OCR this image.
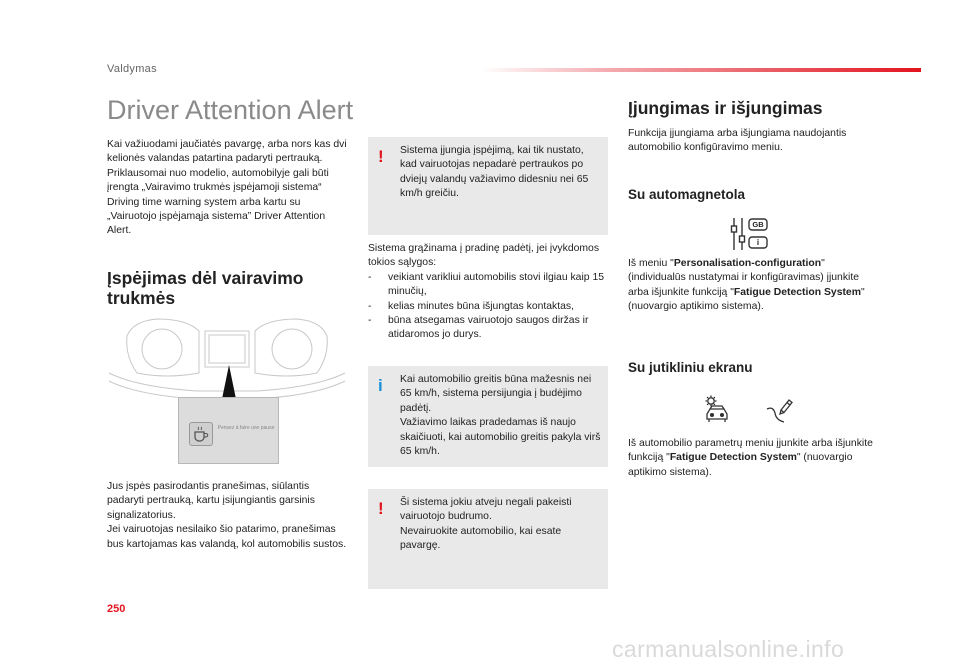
Valdymas
Driver Attention Alert

Kai važiuodami jaučiatės pavargę, arba nors kas dvi kelionės valandas patartina padaryti pertrauką.

Priklausomai nuo modelio, automobilyje gali būti įrengta „Vairavimo trukmės įspėjamoji sistema“ Driving time warning system arba kartu su „Vairuotojo įspėjamąja sistema” Driver Attention Alert.

Įspėjimas dėl vairavimo trukmės
Pensez à faire une pause

Jus įspės pasirodantis pranešimas, siūlantis padaryti pertrauką, kartu įsijungiantis garsinis signalizatorius.

Jei vairuotojas nesilaiko šio patarimo, pranešimas bus kartojamas kas valandą, kol automobilis sustos.

! Sistema įjungia įspėjimą, kai tik nustato, kad vairuotojas nepadarė pertraukos po dviejų valandų važiavimo didesniu nei 65 km/h greičiu.

Sistema grąžinama į pradinę padėtį, jei įvykdomos tokios sąlygos:

- veikiant varikliui automobilis stovi ilgiau kaip 15 minučių,
- kelias minutes būna išjungtas kontaktas,
- būna atsegamas vairuotojo saugos diržas ir atidaromos jo durys.
i Kai automobilio greitis būna mažesnis nei 65 km/h, sistema persijungia į budėjimo padėtį.

Važiavimo laikas pradedamas iš naujo skaičiuoti, kai automobilio greitis pakyla virš 65 km/h.

! Ši sistema jokiu atveju negali pakeisti vairuotojo budrumo.

Nevairuokite automobilio, kai esate pavargę.

Įjungimas ir išjungimas
Funkcija įjungiama arba išjungiama naudojantis automobilio konfigūravimo meniu.
Su automagnetola
GB
i
Iš meniu "Personalisation-configuration" (individualūs nustatymai ir konfigūravimas) įjunkite arba išjunkite funkciją "Fatigue Detection System" (nuovargio aptikimo sistema).
Su jutikliniu ekranu
Iš automobilio parametrų meniu įjunkite arba išjunkite funkciją "Fatigue Detection System" (nuovargio aptikimo sistema).
250
carmanualsonline.info
